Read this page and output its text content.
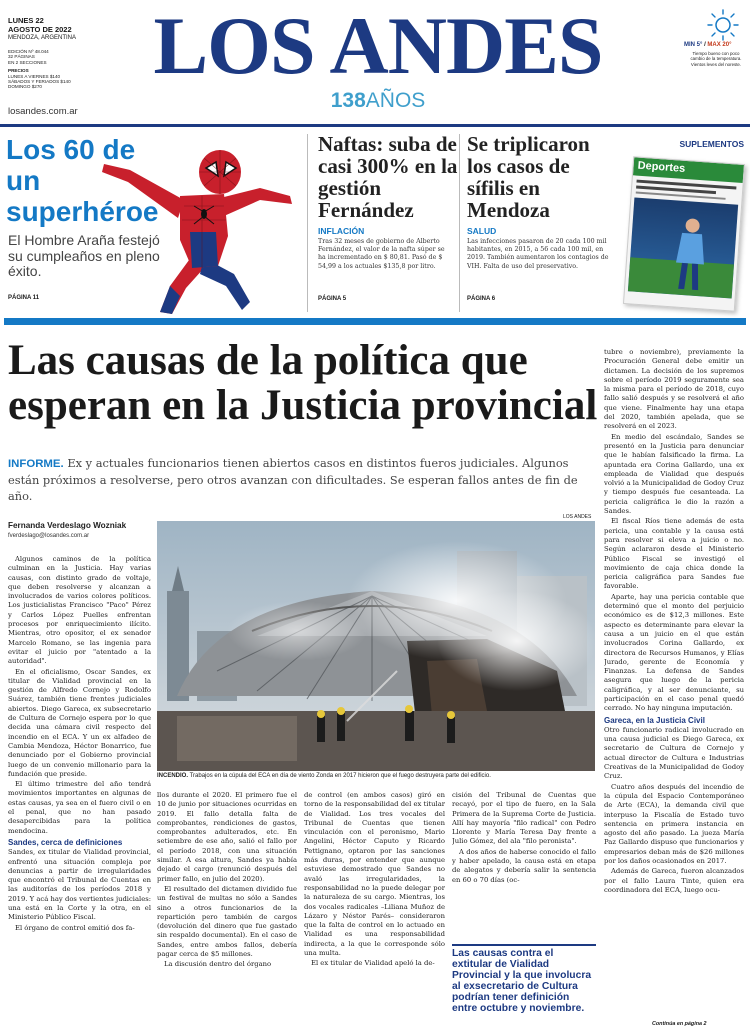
LUNES 22
AGOSTO DE 2022
MENDOZA, ARGENTINA
EDICIÓN Nº 48.044
32 PÁGINAS
EN 2 SECCIONES
PRECIOS
LUNES A VIERNES $140
SÁBADOS Y FERIADOS $140
DOMINGO $270	LOS ANDES
138AÑOS
MIN 5° / MAX 20°
Tiempo bueno con poco cambio de la temperatura. Vientos leves del noreste.
losandes.com.ar
Los 60 de un superhéroe
El Hombre Araña festejó su cumpleaños en pleno éxito.
PÁGINA 11
Naftas: suba de casi 300% en la gestión Fernández
INFLACIÓN
Tras 32 meses de gobierno de Alberto Fernández, el valor de la nafta súper se ha incrementado en $ 80,81. Pasó de $ 54,99 a los actuales $135,8 por litro.
PÁGINA 5
Se triplicaron los casos de sífilis en Mendoza
SALUD
Las infecciones pasaron de 20 cada 100 mil habitantes, en 2015, a 56 cada 100 mil, en 2019. También aumentaron los contagios de VIH. Falta de uso del preservativo.
PÁGINA 6
SUPLEMENTOS
Deportes
Las causas de la política que esperan en la Justicia provincial
INFORME. Ex y actuales funcionarios tienen abiertos casos en distintos fueros judiciales. Algunos están próximos a resolverse, pero otros avanzan con dificultades. Se esperan fallos antes de fin de año.
Fernanda Verdeslago Wozniak
fverdeslago@losandes.com.ar

Algunos caminos de la política culminan en la Justicia. Hay varias causas, con distinto grado de voltaje, que deben resolverse y alcanzan a involucrados de varios colores políticos. Los justicialistas Francisco "Paco" Pérez y Carlos López Puelles enfrentan procesos por enriquecimiento ilícito. Mientras, otro opositor, el ex senador Marcelo Romano, se las ingenia para evitar el juicio por "atentado a la autoridad".

En el oficialismo, Oscar Sandes, ex titular de Vialidad provincial en la gestión de Alfredo Cornejo y Rodolfo Suárez, también tiene frentes judiciales abiertos. Diego Gareca, ex subsecretario de Cultura de Cornejo espera por lo que decida una cámara civil respecto del incendio en el ECA. Y un ex alfadeo de Cambia Mendoza, Héctor Bonarrico, fue denunciado por el Gobierno provincial luego de un convenio millonario para la fundación que preside.

El último trimestre del año tendrá movimientos importantes en algunas de estas causas, ya sea en el fuero civil o en el penal, que no han pasado desapercibidas para la política mendocina.

Sandes, cerca de definiciones

Sandes, ex titular de Vialidad provincial, enfrentó una situación compleja por denuncias a partir de irregularidades que encontró el Tribunal de Cuentas en las auditorías de los períodos 2018 y 2019. Y acá hay dos vertientes judiciales: una está en la Corte y la otra, en el Ministerio Público Fiscal.

El órgano de control emitió dos fa-

LOS ANDES
INCENDIO. Trabajos en la cúpula del ECA en día de viento Zonda en 2017 hicieron que el fuego destruyera parte del edificio.

llos durante el 2020. El primero fue el 10 de junio por situaciones ocurridas en 2019. El fallo detalla falta de comprobantes, rendiciones de gastos, comprobantes adulterados, etc. En setiembre de ese año, salió el fallo por el período 2018, con una situación similar. A esa altura, Sandes ya había dejado el cargo (renunció después del primer fallo, en julio del 2020).

El resultado del dictamen dividido fue un festival de multas no sólo a Sandes sino a otros funcionarios de la repartición pero también de cargos (devolución del dinero que fue gastado sin respaldo documental). En el caso de Sandes, entre ambos fallos, debería pagar cerca de $5 millones.

La discusión dentro del órgano

de control (en ambos casos) giró en torno de la responsabilidad del ex titular de Vialidad. Los tres vocales del Tribunal de Cuentas que tienen vinculación con el peronismo, Mario Angelini, Héctor Caputo y Ricardo Pettignano, optaron por las sanciones más duras, por entender que aunque estuviese demostrado que Sandes no avaló las irregularidades, la responsabilidad no la puede delegar por la naturaleza de su cargo. Mientras, los dos vocales radicales –Liliana Muñoz de Lázaro y Néstor Parés– consideraron que la falta de control en lo actuado en Vialidad es una responsabilidad indirecta, a la que le corresponde sólo una multa.

El ex titular de Vialidad apeló la de-

cisión del Tribunal de Cuentas que recayó, por el tipo de fuero, en la Sala Primera de la Suprema Corte de Justicia. Allí hay mayoría "filo radical" con Pedro Llorente y María Teresa Day frente a Julio Gómez, del ala "filo peronista".

A dos años de haberse conocido el fallo y haber apelado, la causa está en etapa de alegatos y debería salir la sentencia en 60 o 70 días (oc-

Las causas contra el extitular de Vialidad Provincial y la que involucra al exsecretario de Cultura podrían tener definición entre octubre y noviembre.

tubre o noviembre), previamente la Procuración General debe emitir un dictamen. La decisión de los supremos sobre el período 2019 seguramente sea la misma para el período de 2018, cuyo fallo salió después y se resolverá el año que viene. Finalmente hay una etapa del 2020, también apelada, que se resolverá en el 2023.

En medio del escándalo, Sandes se presentó en la Justicia para denunciar que le habían falsificado la firma. La apuntada era Corina Gallardo, una ex empleada de Vialidad que después volvió a la Municipalidad de Godoy Cruz y tiempo después fue cesanteada. La pericia caligráfica le dio la razón a Sandes.

El fiscal Ríos tiene además de esta pericia, una contable y la causa está para resolver si eleva a juicio o no. Según aclararon desde el Ministerio Público Fiscal se investigó el movimiento de caja chica donde la pericia caligráfica para Sandes fue favorable.

Aparte, hay una pericia contable que determinó que el monto del perjuicio económico es de $12,3 millones. Este aspecto es determinante para elevar la causa a un juicio en el que están involucrados Corina Gallardo, ex directora de Recursos Humanos, y Elías Jurado, gerente de Economía y Finanzas. La defensa de Sandes asegura que luego de la pericia caligráfica, y al ser denunciante, su participación en el caso penal quedó cerrado. No hay ninguna imputación.

Gareca, en la Justicia Civil

Otro funcionario radical involucrado en una causa judicial es Diego Gareca, ex secretario de Cultura de Cornejo y actual director de Cultura e Industrias Creativas de la Municipalidad de Godoy Cruz.

Cuatro años después del incendio de la cúpula del Espacio Contemporáneo de Arte (ECA), la demanda civil que interpuso la Fiscalía de Estado tuvo sentencia en primera instancia en agosto del año pasado. La jueza María Paz Gallardo dispuso que funcionarios y empresarios deban más de $26 millones por los daños ocasionados en 2017.

Además de Gareca, fueron alcanzados por el fallo Laura Tinte, quien era coordinadora del ECA, luego ocu-

Continúa en página 2
